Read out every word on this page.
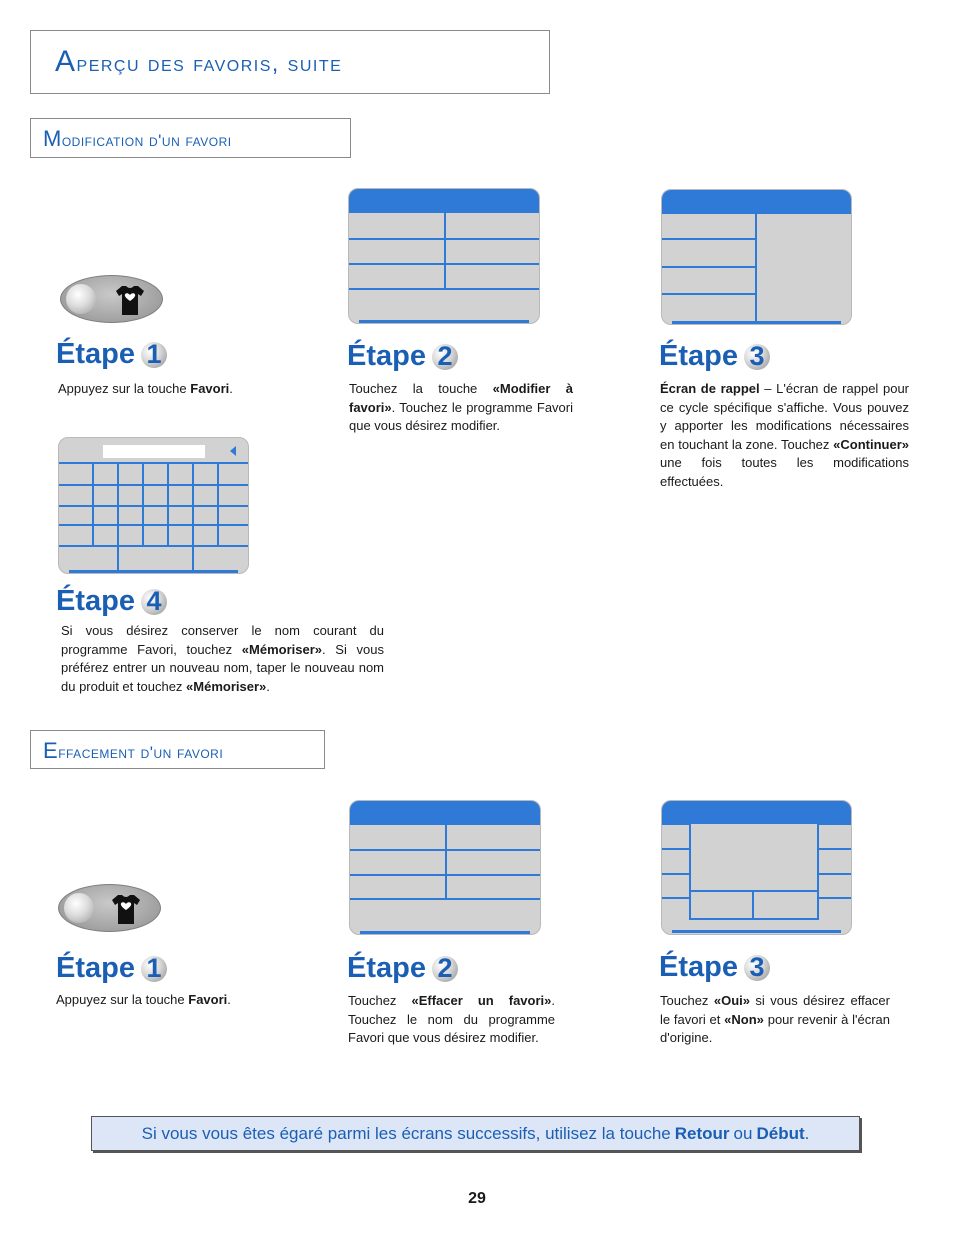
Aperçu des favoris, suite
Modification d'un favori
Étape 1
Appuyez sur la touche Favori.
Étape 2
Touchez la touche «Modifier à favori». Touchez le programme Favori que vous désirez modifier.
Étape 3
Écran de rappel – L'écran de rappel pour ce cycle spécifique s'affiche. Vous pouvez y apporter les modifications nécessaires en touchant la zone. Touchez «Continuer» une fois toutes les modifications effectuées.
Étape 4
Si vous désirez conserver le nom courant du programme Favori, touchez «Mémoriser». Si vous préférez entrer un nouveau nom, taper le nouveau nom du produit et touchez «Mémoriser».
Effacement d'un favori
Étape 1
Appuyez sur la touche Favori.
Étape 2
Touchez «Effacer un favori». Touchez le nom du programme Favori que vous désirez modifier.
Étape 3
Touchez «Oui» si vous désirez effacer le favori et «Non» pour revenir à l'écran d'origine.
Si vous vous êtes égaré parmi les écrans successifs, utilisez la touche Retour ou Début .
29
